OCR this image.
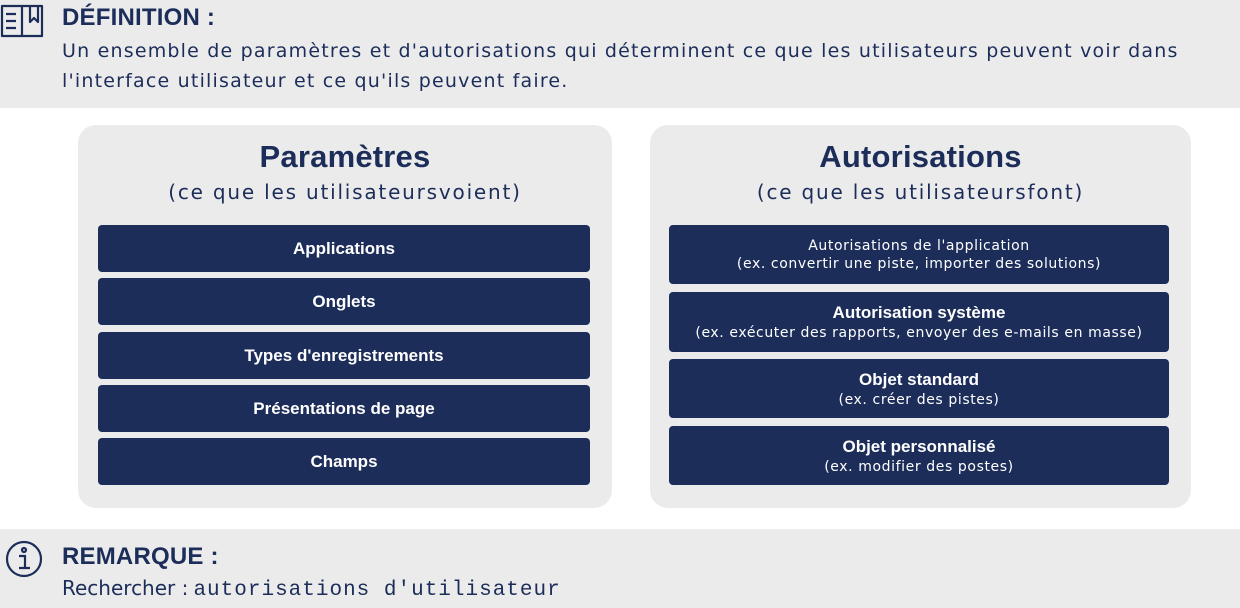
DÉFINITION :
Un ensemble de paramètres et d'autorisations qui déterminent ce que les utilisateurs peuvent voir dans l'interface utilisateur et ce qu'ils peuvent faire.
Paramètres
(ce que les utilisateursvoient)
Applications
Onglets
Types d'enregistrements
Présentations de page
Champs
Autorisations
(ce que les utilisateursfont)
Autorisations de l'application
(ex. convertir une piste, importer des solutions)
Autorisation système
(ex. exécuter des rapports, envoyer des e-mails en masse)
Objet standard
(ex. créer des pistes)
Objet personnalisé
(ex. modifier des postes)
REMARQUE :
Rechercher : autorisations d'utilisateur
